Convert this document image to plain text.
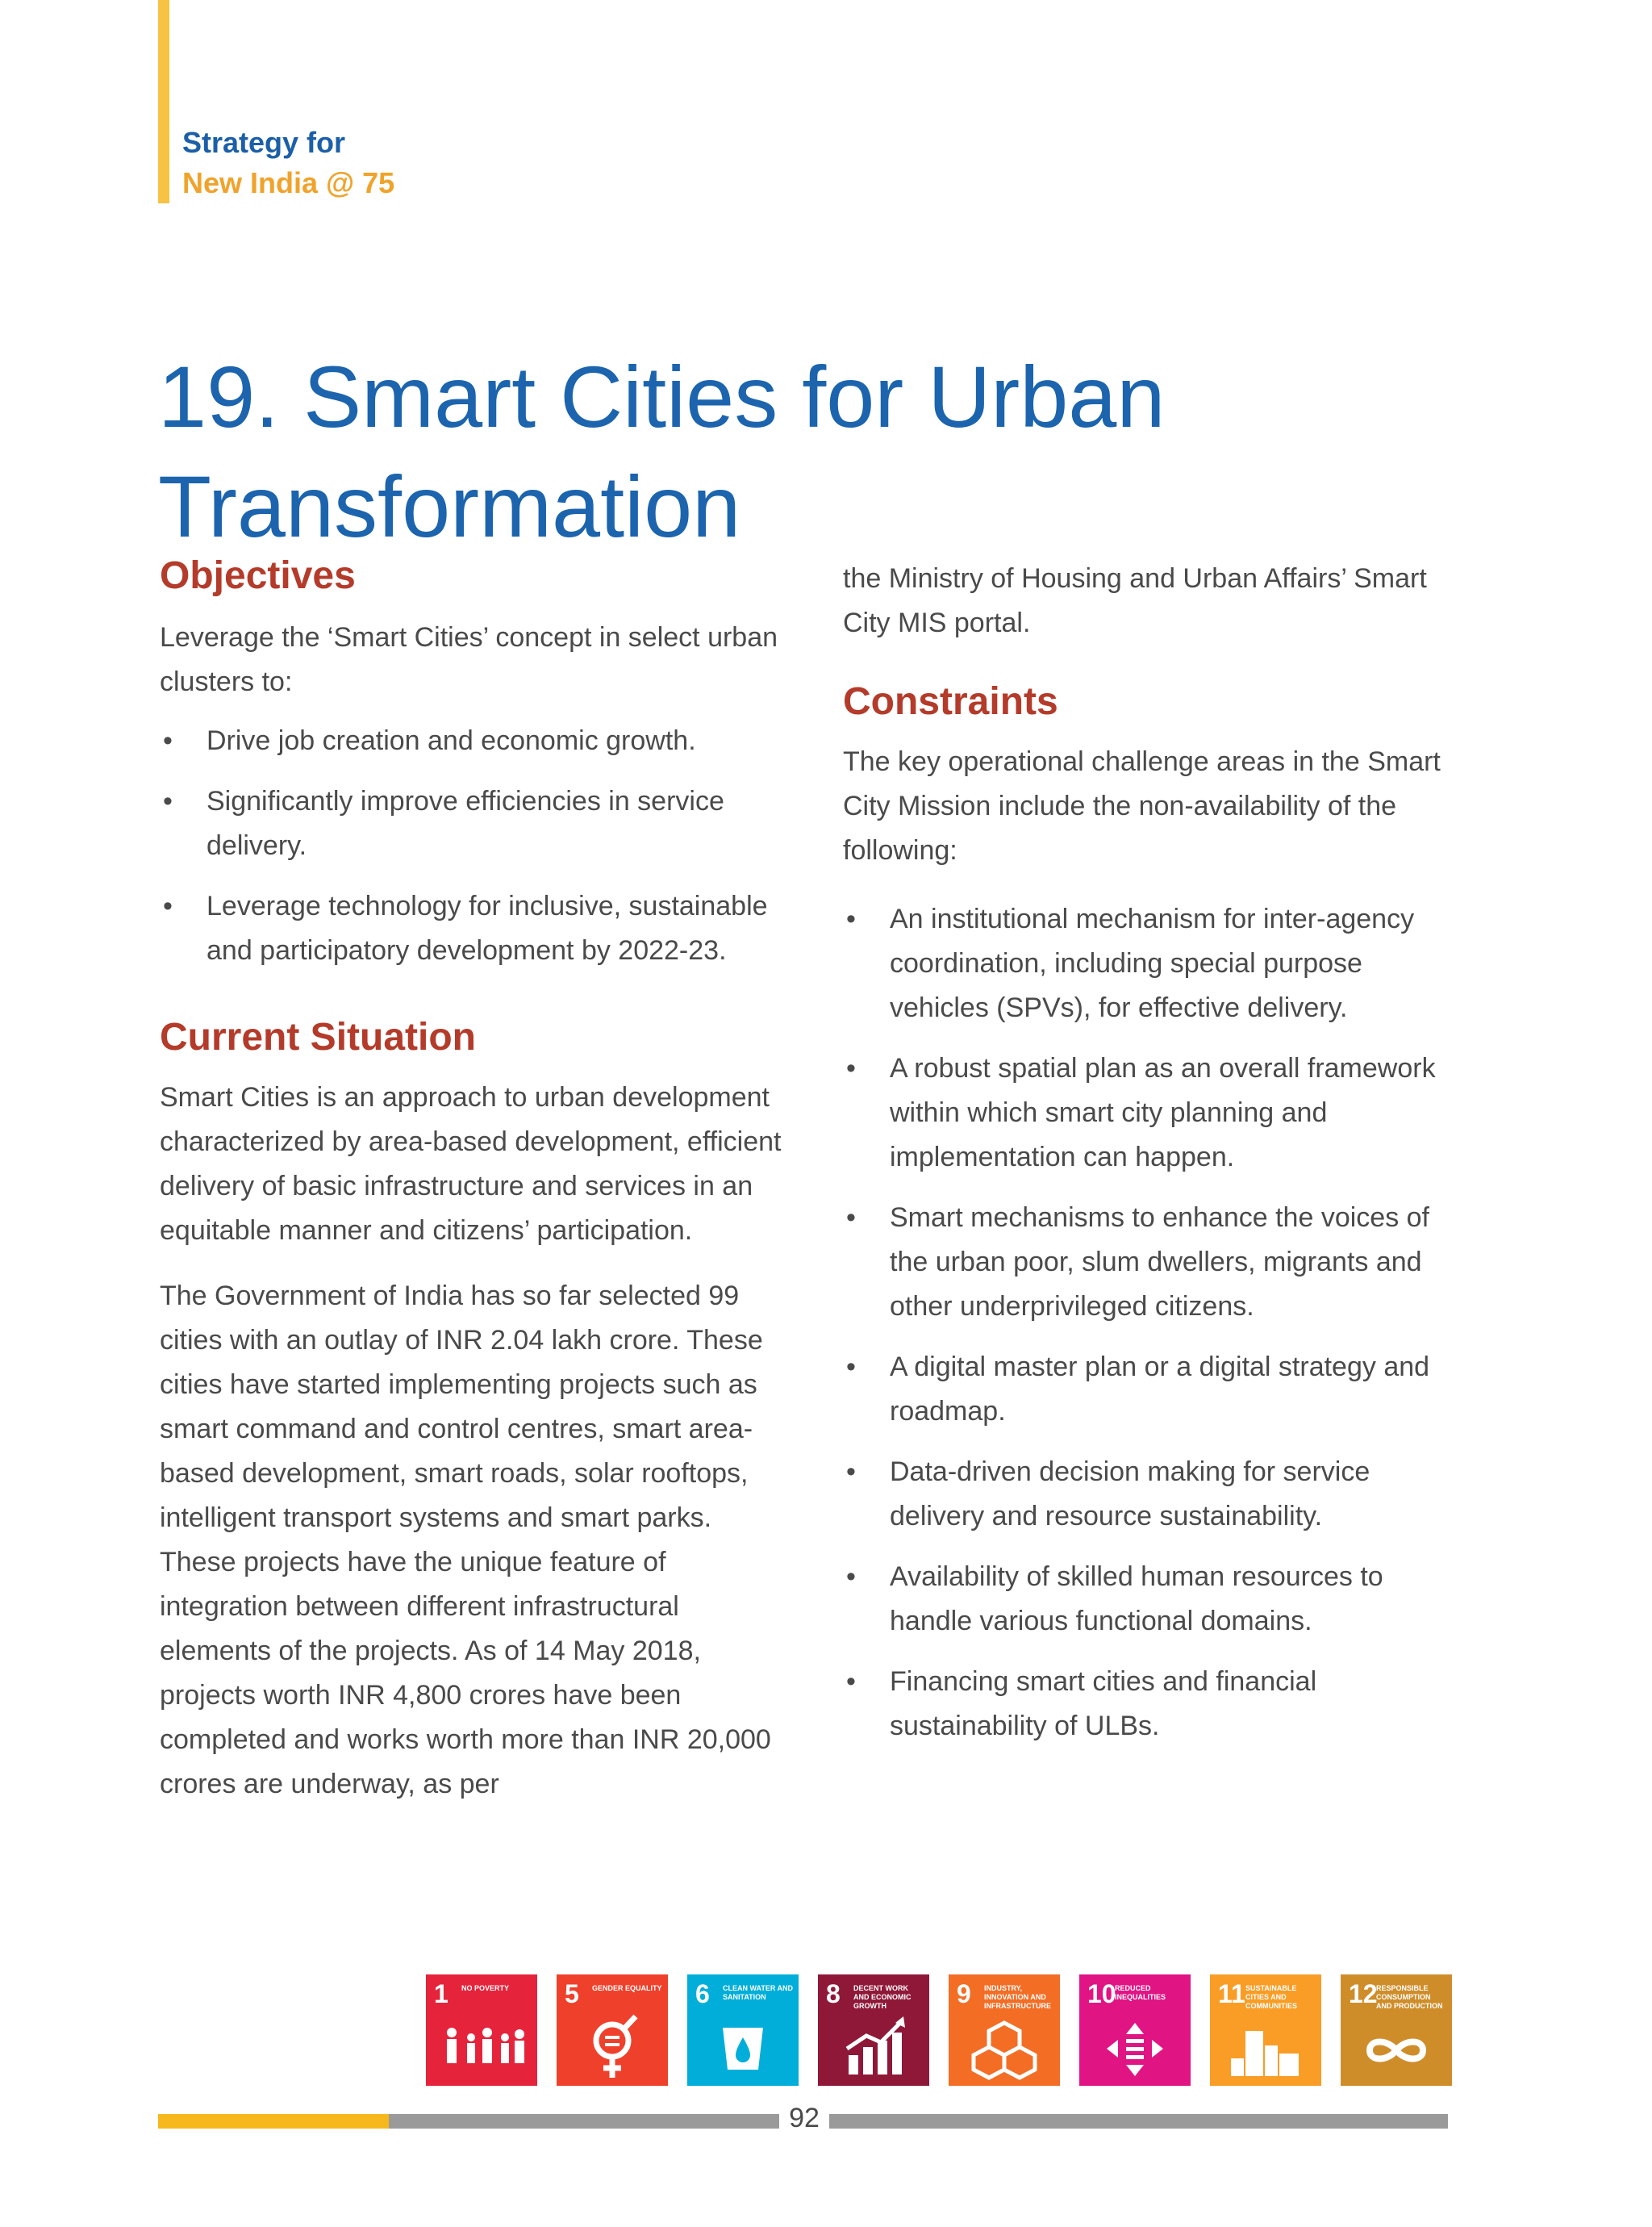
Strategy for
New India @ 75
19. Smart Cities for Urban Transformation
Objectives

Leverage the ‘Smart Cities’ concept in select urban clusters to:

• Drive job creation and economic growth.
• Significantly improve efficiencies in service delivery.
• Leverage technology for inclusive, sustainable and participatory development by 2022-23.
Current Situation

Smart Cities is an approach to urban development characterized by area-based development, efficient delivery of basic infrastructure and services in an equitable manner and citizens’ participation.

The Government of India has so far selected 99 cities with an outlay of INR 2.04 lakh crore. These cities have started implementing projects such as smart command and control centres, smart area-based development, smart roads, solar rooftops, intelligent transport systems and smart parks. These projects have the unique feature of integration between different infrastructural elements of the projects. As of 14 May 2018, projects worth INR 4,800 crores have been completed and works worth more than INR 20,000 crores are underway, as per

the Ministry of Housing and Urban Affairs’ Smart City MIS portal.

Constraints

The key operational challenge areas in the Smart City Mission include the non-availability of the following:

• An institutional mechanism for inter-agency coordination, including special purpose vehicles (SPVs), for effective delivery.
• A robust spatial plan as an overall framework within which smart city planning and implementation can happen.
• Smart mechanisms to enhance the voices of the urban poor, slum dwellers, migrants and other underprivileged citizens.
• A digital master plan or a digital strategy and roadmap.
• Data-driven decision making for service delivery and resource sustainability.
• Availability of skilled human resources to handle various functional domains.
• Financing smart cities and financial sustainability of ULBs.
1 NO POVERTY	5 GENDER EQUALITY 6 CLEAN WATER AND SANITATION	8 DECENT WORK AND ECONOMIC GROWTH	9 INDUSTRY, INNOVATION AND INFRASTRUCTURE 10
REDUCED INEQUALITIES	11 SUSTAINABLE CITIES AND COMMUNITIES	12
RESPONSIBLE CONSUMPTION AND PRODUCTION
92
